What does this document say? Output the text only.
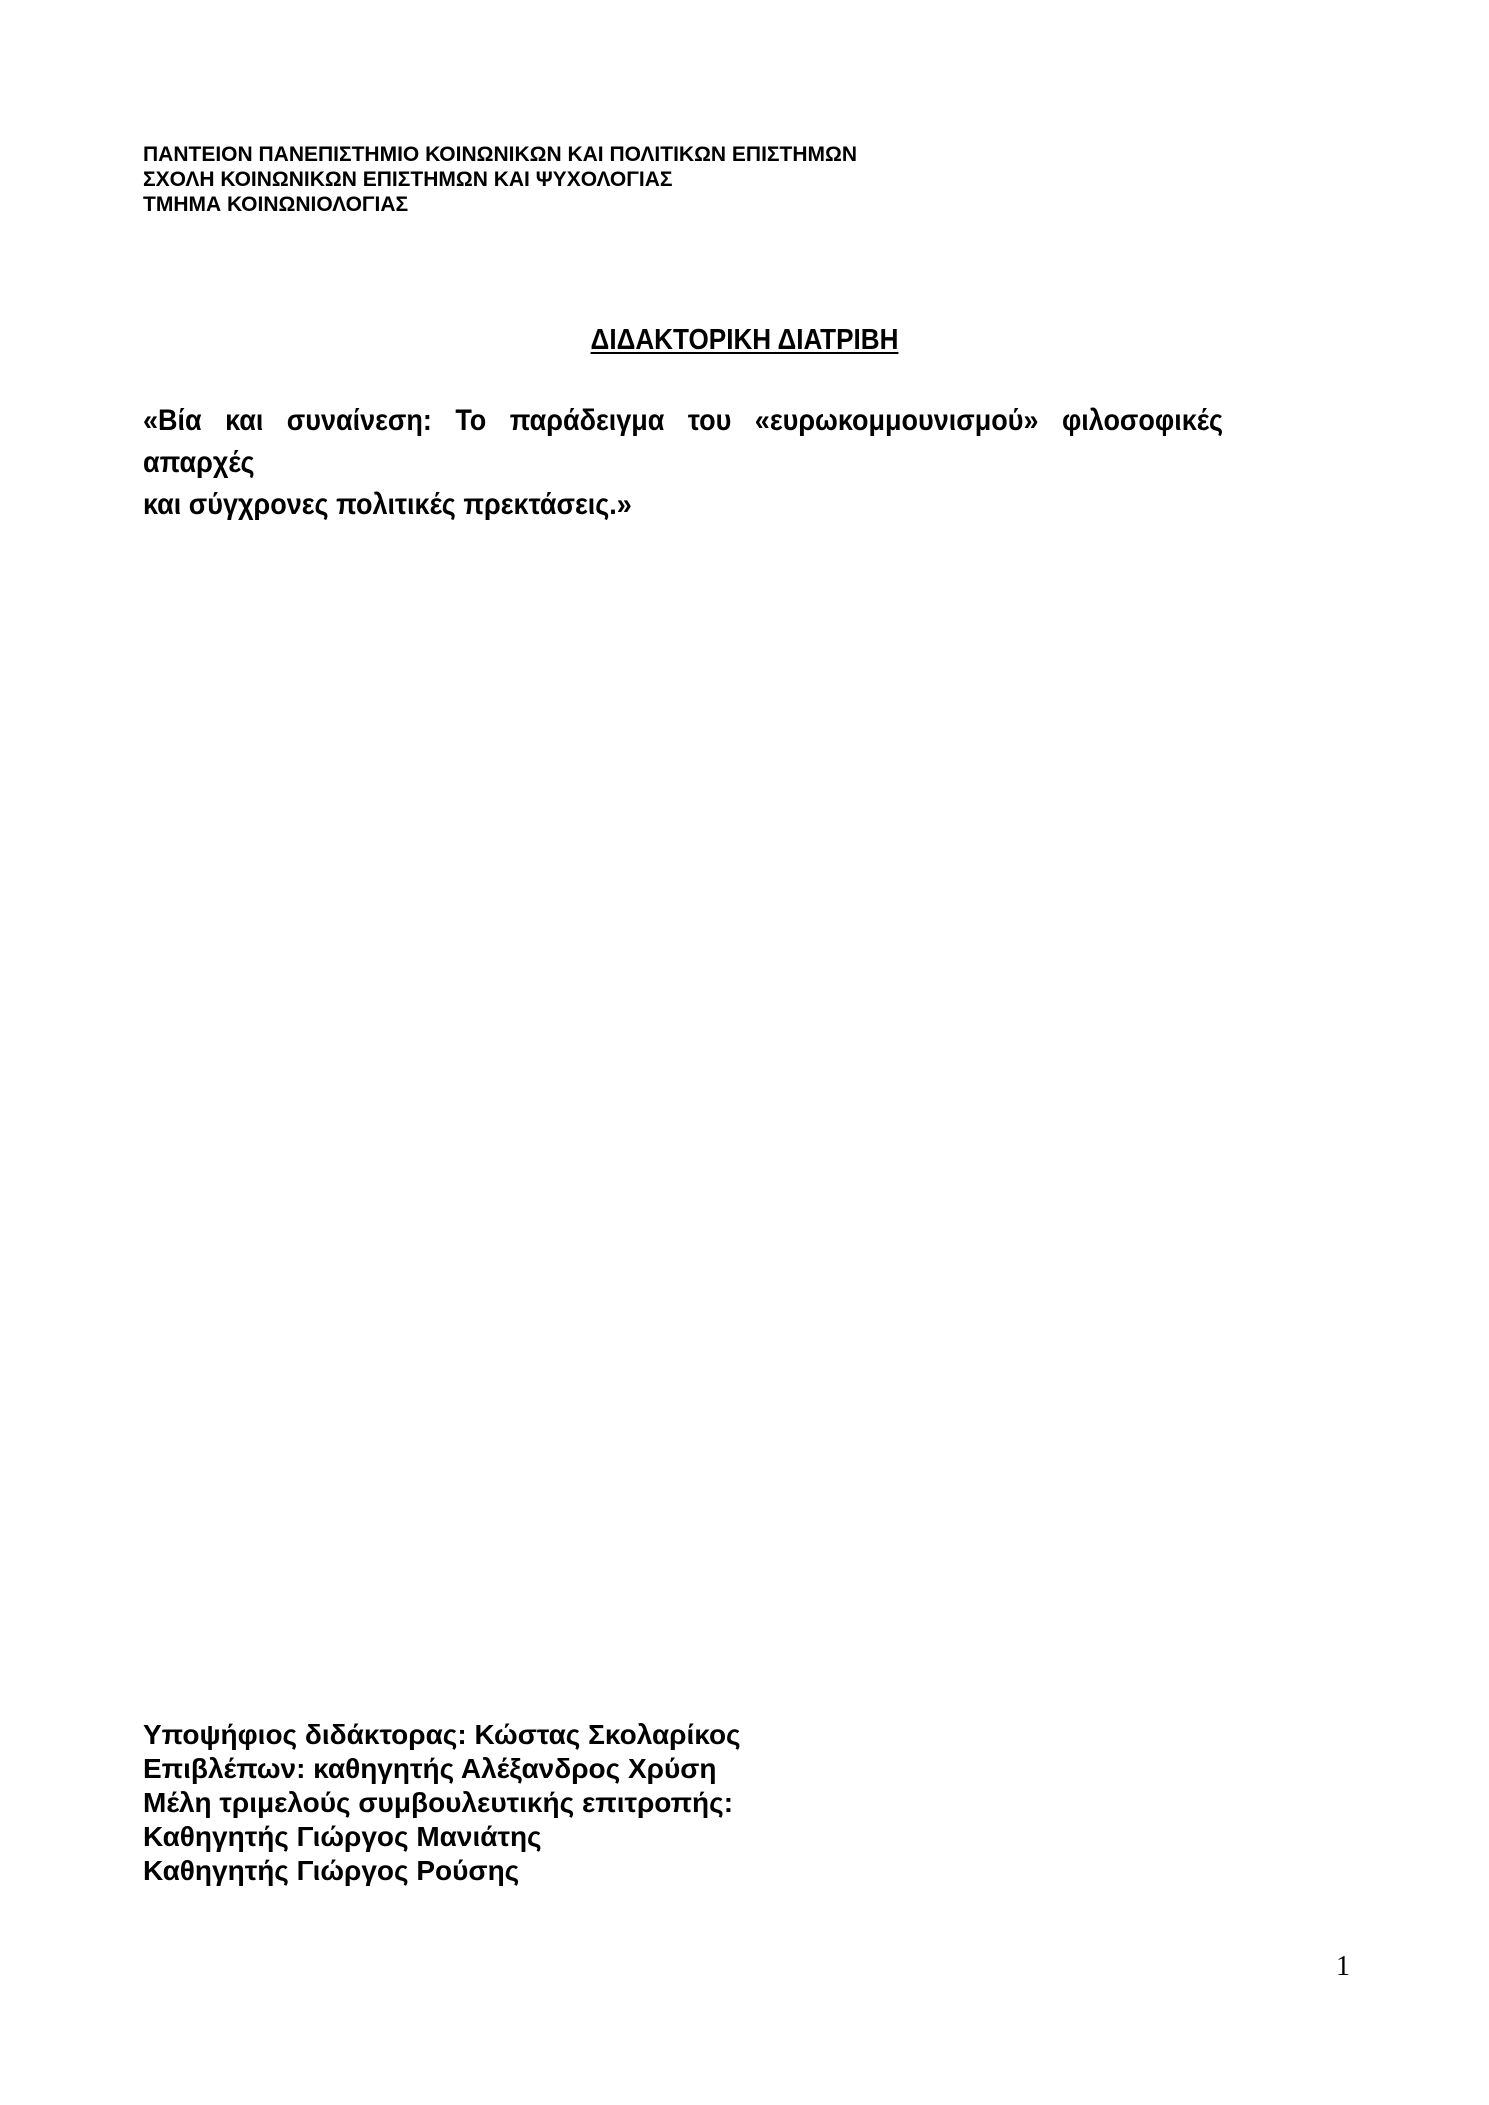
ΠΑΝΤΕΙΟΝ ΠΑΝΕΠΙΣΤΗΜΙΟ ΚΟΙΝΩΝΙΚΩΝ ΚΑΙ ΠΟΛΙΤΙΚΩΝ ΕΠΙΣΤΗΜΩΝ
ΣΧΟΛΗ ΚΟΙΝΩΝΙΚΩΝ ΕΠΙΣΤΗΜΩΝ ΚΑΙ ΨΥΧΟΛΟΓΙΑΣ
ΤΜΗΜΑ ΚΟΙΝΩΝΙΟΛΟΓΙΑΣ
ΔΙΔΑΚΤΟΡΙΚΗ ΔΙΑΤΡΙΒΗ
«Βία και συναίνεση: Το παράδειγμα του «ευρωκομμουνισμού» φιλοσοφικές απαρχές
και σύγχρονες πολιτικές πρεκτάσεις.»
Υποψήφιος διδάκτορας: Κώστας Σκολαρίκος
Επιβλέπων: καθηγητής Αλέξανδρος Χρύση
Μέλη τριμελούς συμβουλευτικής επιτροπής:
Καθηγητής Γιώργος Μανιάτης
Καθηγητής Γιώργος Ρούσης
1
